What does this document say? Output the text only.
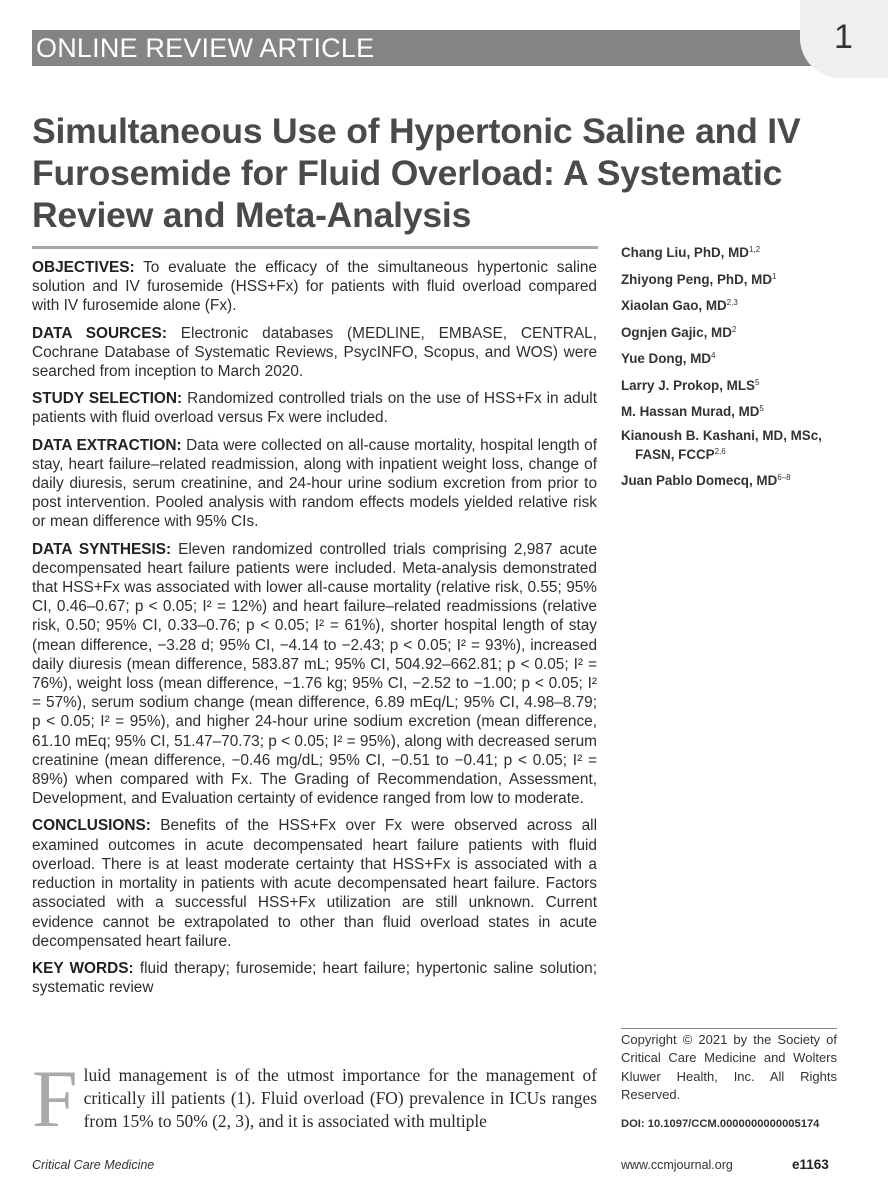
ONLINE REVIEW ARTICLE	1
Simultaneous Use of Hypertonic Saline and IV Furosemide for Fluid Overload: A Systematic Review and Meta-Analysis

OBJECTIVES: To evaluate the efficacy of the simultaneous hypertonic saline solution and IV furosemide (HSS+Fx) for patients with fluid overload compared with IV furosemide alone (Fx).

DATA SOURCES: Electronic databases (MEDLINE, EMBASE, CENTRAL, Cochrane Database of Systematic Reviews, PsycINFO, Scopus, and WOS) were searched from inception to March 2020.

STUDY SELECTION: Randomized controlled trials on the use of HSS+Fx in adult patients with fluid overload versus Fx were included.

DATA EXTRACTION: Data were collected on all-cause mortality, hospital length of stay, heart failure–related readmission, along with inpatient weight loss, change of daily diuresis, serum creatinine, and 24-hour urine sodium excretion from prior to post intervention. Pooled analysis with random effects models yielded relative risk or mean difference with 95% CIs.

DATA SYNTHESIS: Eleven randomized controlled trials comprising 2,987 acute decompensated heart failure patients were included. Meta-analysis demonstrated that HSS+Fx was associated with lower all-cause mortality (relative risk, 0.55; 95% CI, 0.46–0.67; p < 0.05; I² = 12%) and heart failure–related readmissions (relative risk, 0.50; 95% CI, 0.33–0.76; p < 0.05; I² = 61%), shorter hospital length of stay (mean difference, −3.28 d; 95% CI, −4.14 to −2.43; p < 0.05; I² = 93%), increased daily diuresis (mean difference, 583.87 mL; 95% CI, 504.92–662.81; p < 0.05; I² = 76%), weight loss (mean difference, −1.76 kg; 95% CI, −2.52 to −1.00; p < 0.05; I² = 57%), serum sodium change (mean difference, 6.89 mEq/L; 95% CI, 4.98–8.79; p < 0.05; I² = 95%), and higher 24-hour urine sodium excretion (mean difference, 61.10 mEq; 95% CI, 51.47–70.73; p < 0.05; I² = 95%), along with decreased serum creatinine (mean difference, −0.46 mg/dL; 95% CI, −0.51 to −0.41; p < 0.05; I² = 89%) when compared with Fx. The Grading of Recommendation, Assessment, Development, and Evaluation certainty of evidence ranged from low to moderate.

CONCLUSIONS: Benefits of the HSS+Fx over Fx were observed across all examined outcomes in acute decompensated heart failure patients with fluid overload. There is at least moderate certainty that HSS+Fx is associated with a reduction in mortality in patients with acute decompensated heart failure. Factors associated with a successful HSS+Fx utilization are still unknown. Current evidence cannot be extrapolated to other than fluid overload states in acute decompensated heart failure.

KEY WORDS: fluid therapy; furosemide; heart failure; hypertonic saline solution; systematic review

Chang Liu, PhD, MD$^{1,2}$
Zhiyong Peng, PhD, $MD^1$
Xiaolan Gao, MD$^{2,3}$
Ognjen Gajic, $MD^2$
Yue Dong, $MD^4$
Larry J. Prokop, MLS$^5$
M. Hassan Murad, $MD^5$
Kianoush B. Kashani, MD, MSc,
FASN, FCCP$^{2,6}$
Juan Pablo Domecq, MD$^{6-8}$
Copyright © 2021 by the Society of Critical Care Medicine and Wolters Kluwer Health, Inc. All Rights Reserved.
DOI: 10.1097/CCM.0000000000005174
Fluid management is of the utmost importance for the management of critically ill patients (1). Fluid overload (FO) prevalence in ICUs ranges from 15% to 50% (2, 3), and it is associated with multiple
Critical Care Medicine	www.ccmjournal.org	e1163
